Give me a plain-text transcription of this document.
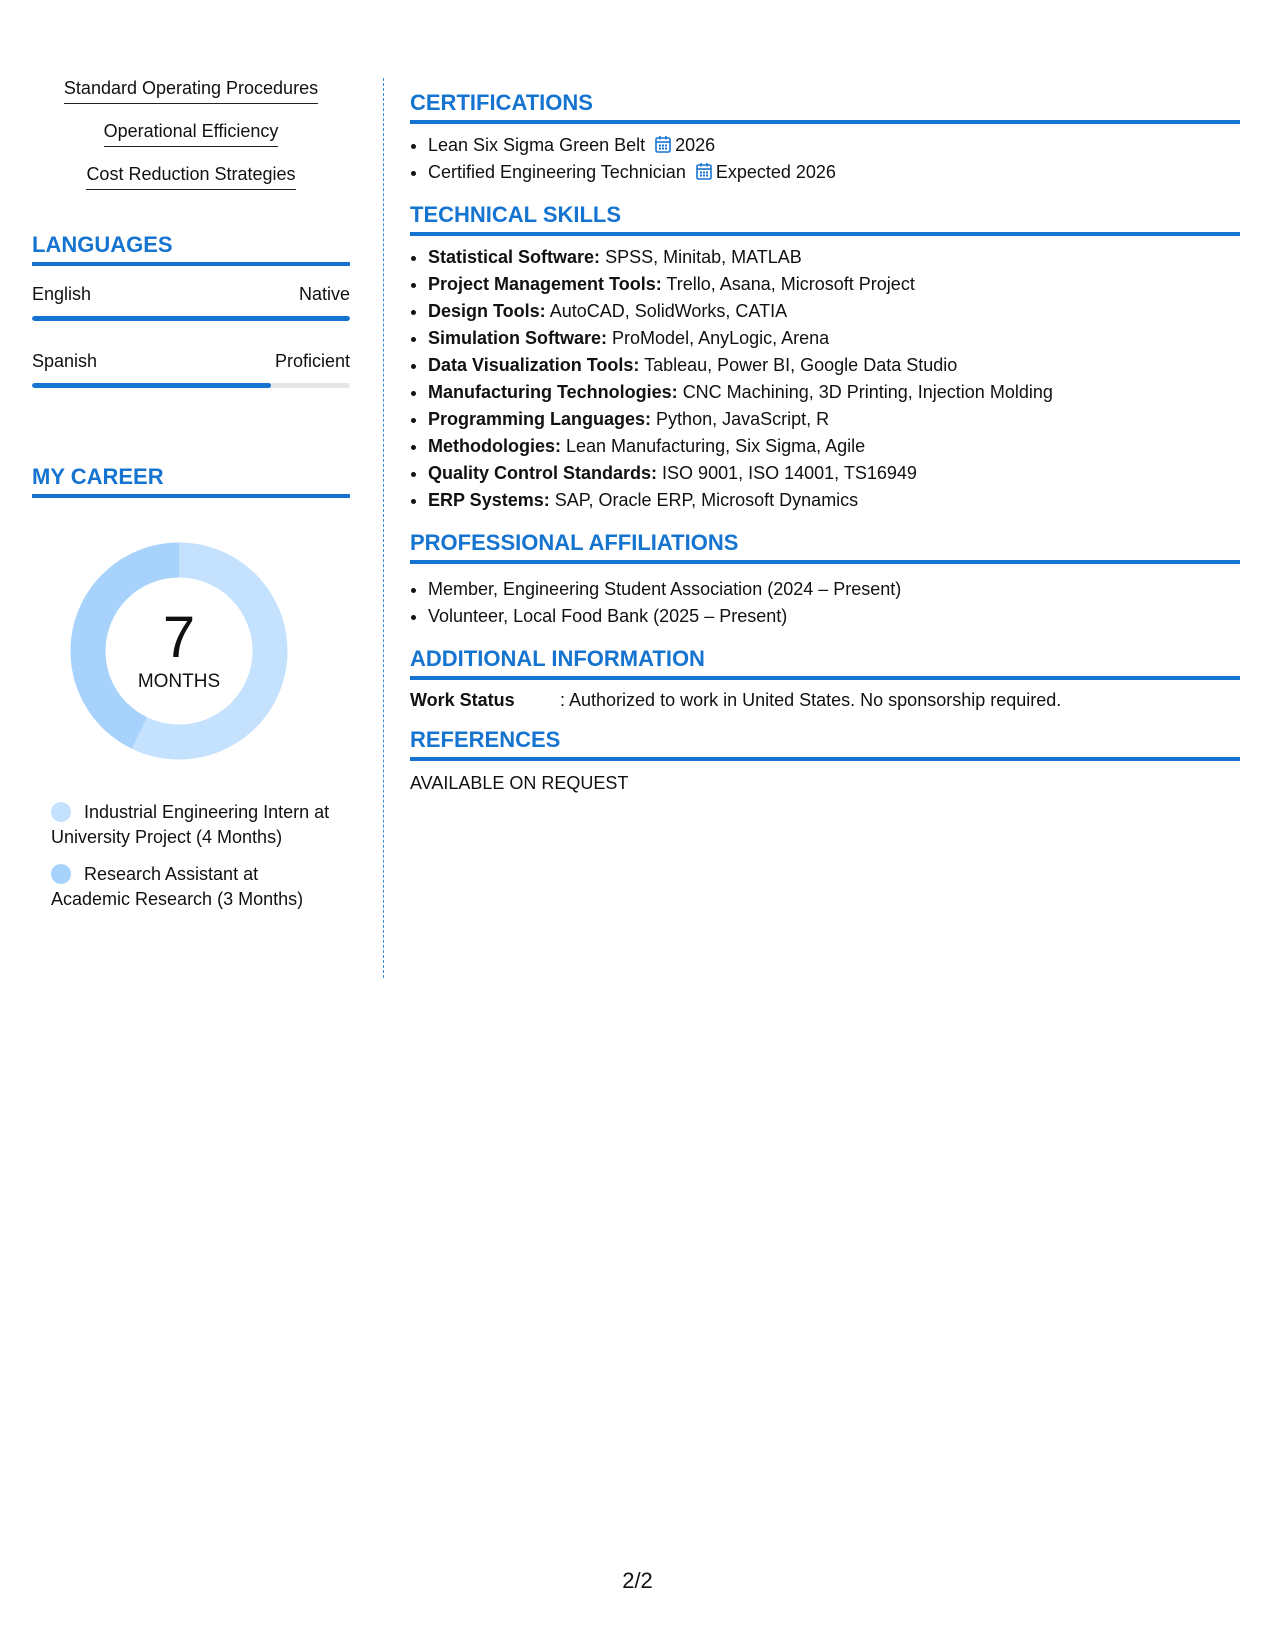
Standard Operating Procedures
Operational Efficiency
Cost Reduction Strategies
LANGUAGES
English	Native
Spanish	Proficient
MY CAREER
7
MONTHS
Industrial Engineering Intern at University Project (4 Months)
Research Assistant at Academic Research (3 Months)
CERTIFICATIONS
• Lean Six Sigma Green Belt 2026
• Certified Engineering Technician Expected 2026
TECHNICAL SKILLS
• Statistical Software: SPSS, Minitab, MATLAB
• Project Management Tools: Trello, Asana, Microsoft Project
• Design Tools: AutoCAD, SolidWorks, CATIA
• Simulation Software: ProModel, AnyLogic, Arena
• Data Visualization Tools: Tableau, Power BI, Google Data Studio
• Manufacturing Technologies: CNC Machining, 3D Printing, Injection Molding
• Programming Languages: Python, JavaScript, R
• Methodologies: Lean Manufacturing, Six Sigma, Agile
• Quality Control Standards: ISO 9001, ISO 14001, TS16949
• ERP Systems: SAP, Oracle ERP, Microsoft Dynamics
PROFESSIONAL AFFILIATIONS
• Member, Engineering Student Association (2024 – Present)
• Volunteer, Local Food Bank (2025 – Present)
ADDITIONAL INFORMATION
Work Status	: Authorized to work in United States. No sponsorship required.
REFERENCES
AVAILABLE ON REQUEST
2/2
